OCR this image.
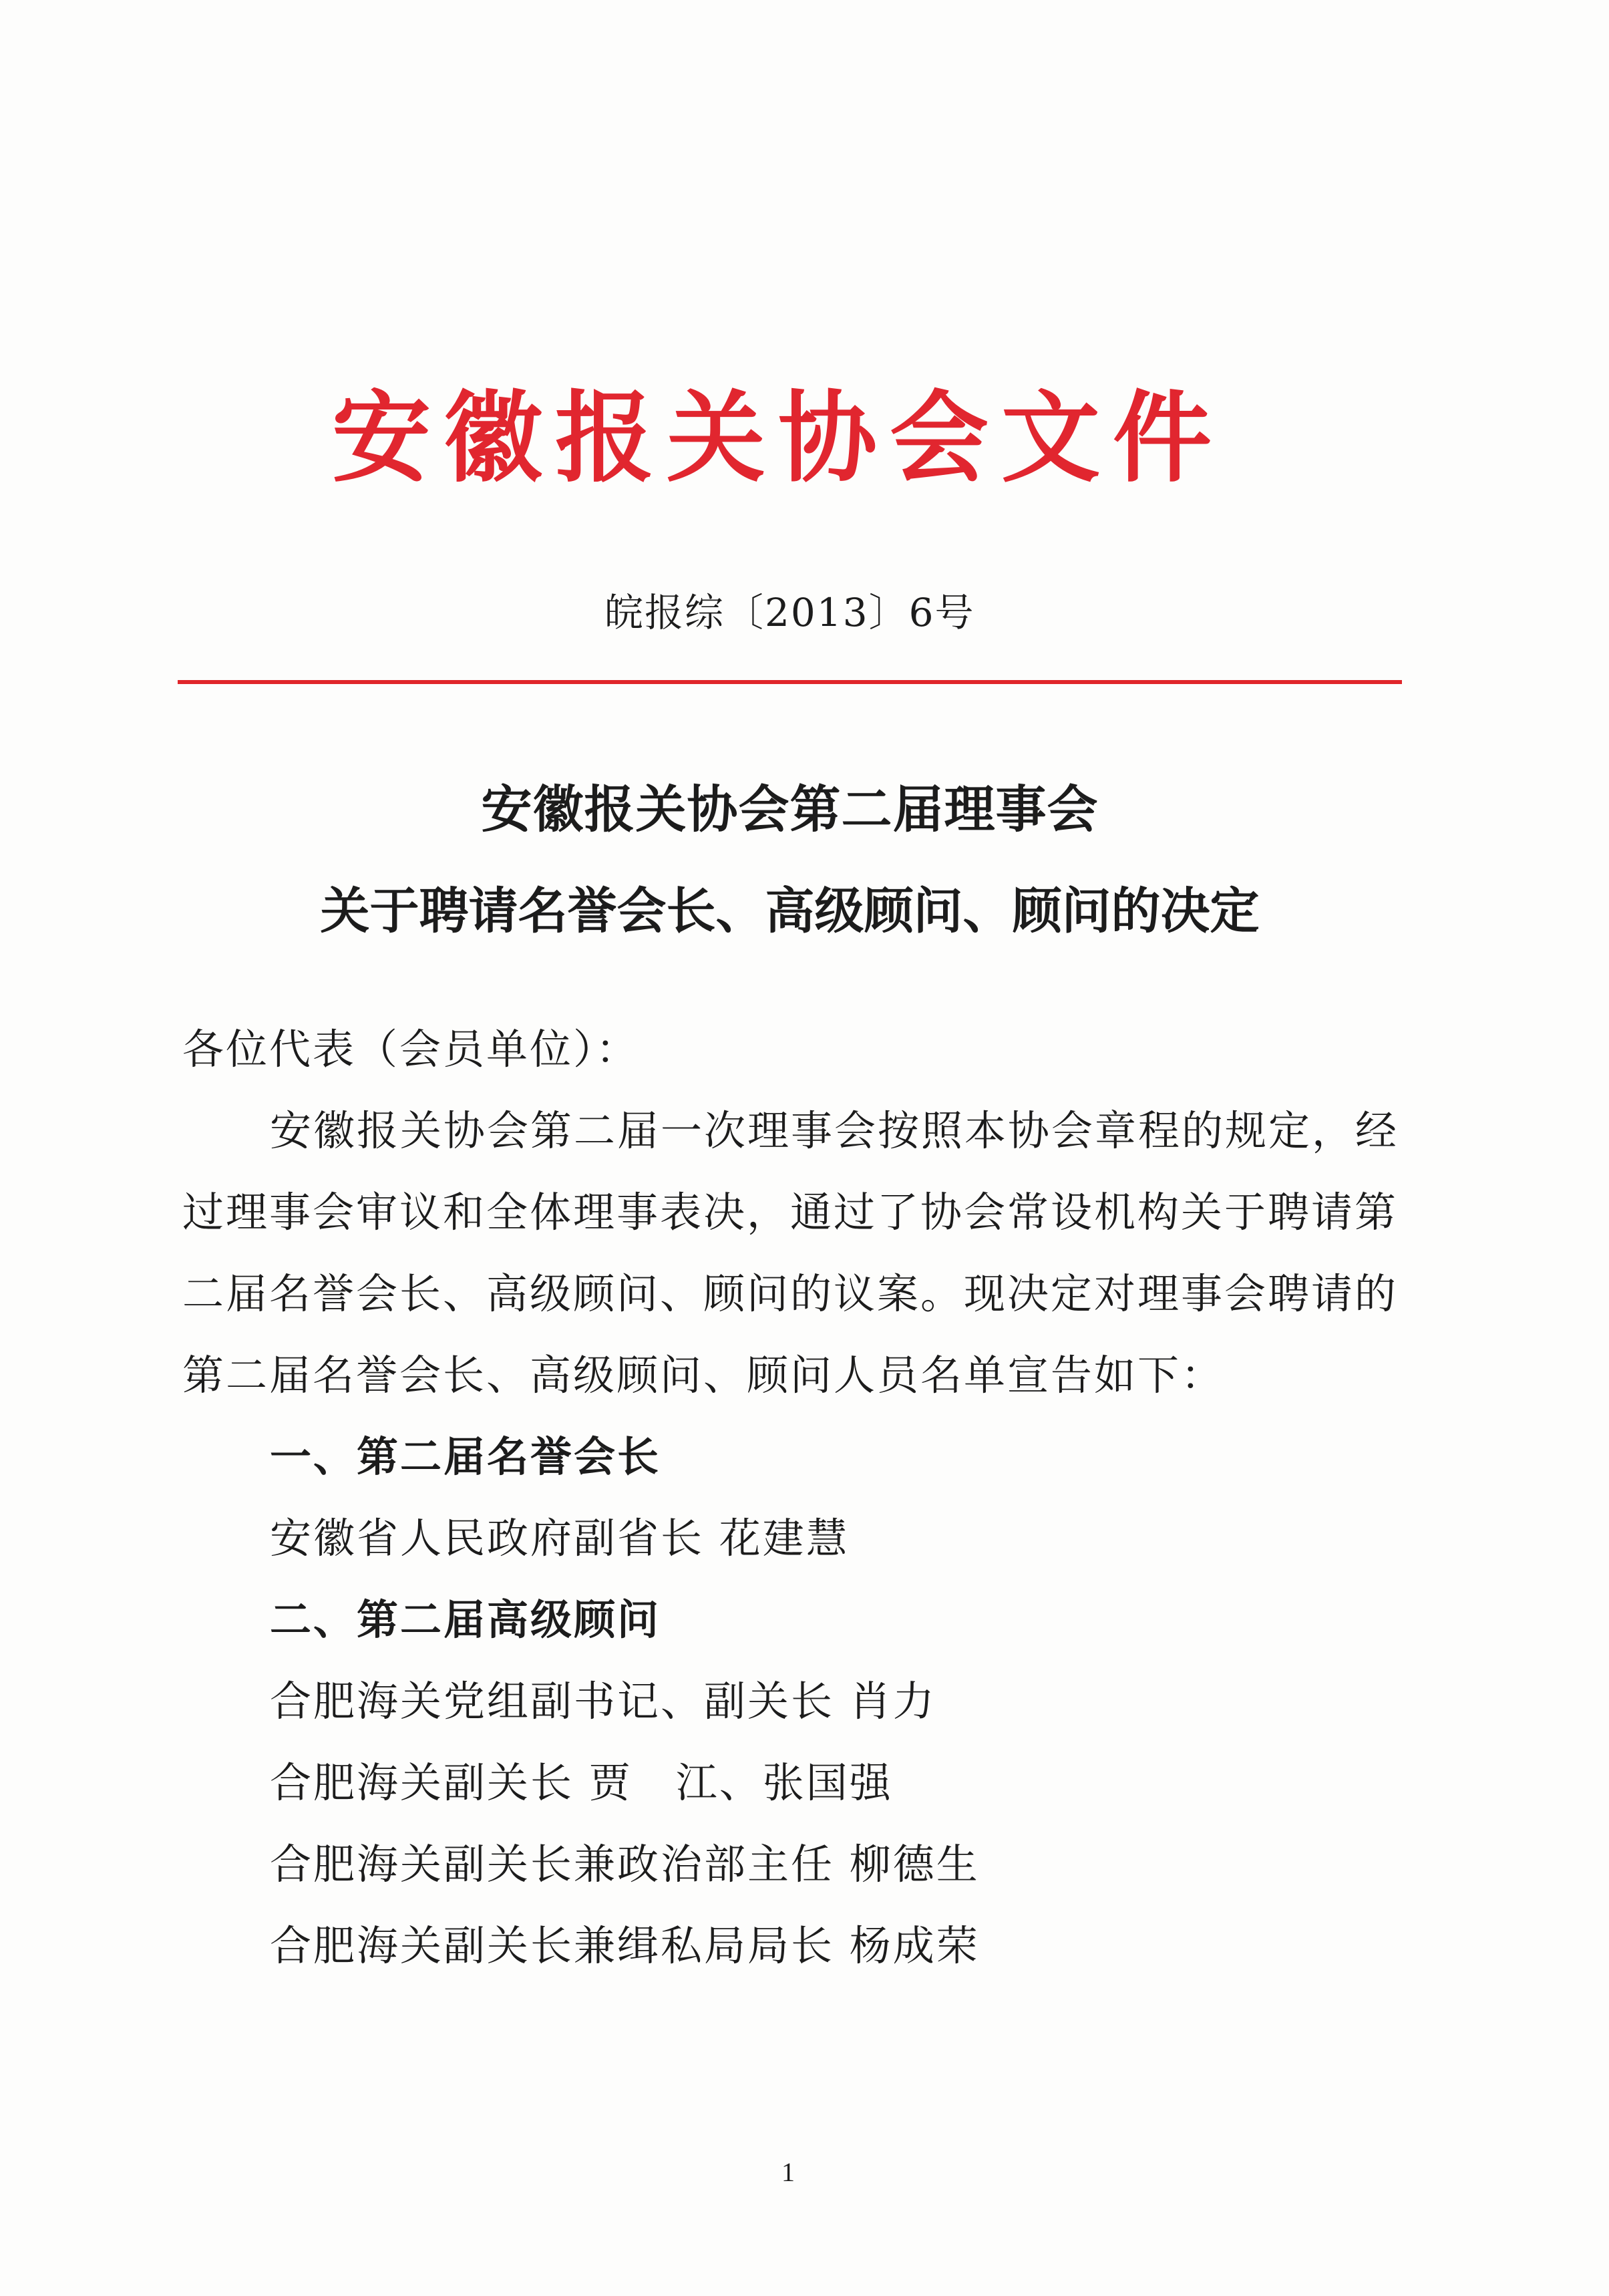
安徽报关协会文件
皖报综〔2013〕6号
安徽报关协会第二届理事会
关于聘请名誉会长、高级顾问、顾问的决定
各位代表（会员单位）：
安徽报关协会第二届一次理事会按照本协会章程的规定，经
过理事会审议和全体理事表决，通过了协会常设机构关于聘请第
二届名誉会长、高级顾问、顾问的议案。现决定对理事会聘请的
第二届名誉会长、高级顾问、顾问人员名单宣告如下：
一、第二届名誉会长
安徽省人民政府副省长 花建慧
二、第二届高级顾问
合肥海关党组副书记、副关长 肖力
合肥海关副关长 贾　江、张国强
合肥海关副关长兼政治部主任 柳德生
合肥海关副关长兼缉私局局长 杨成荣
1
